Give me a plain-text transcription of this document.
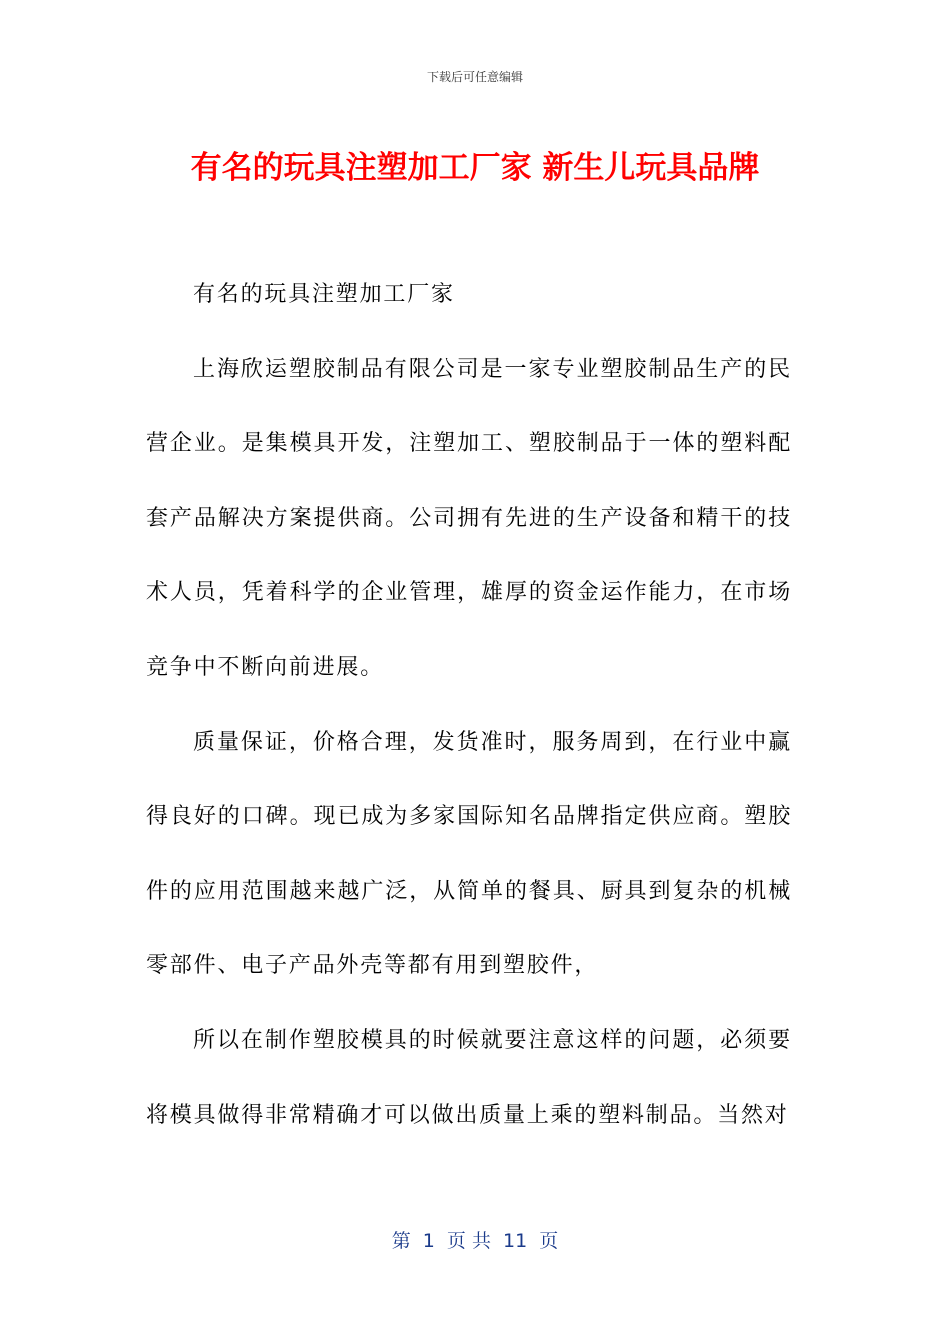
下载后可任意编辑
有名的玩具注塑加工厂家 新生儿玩具品牌

有名的玩具注塑加工厂家

上海欣运塑胶制品有限公司是一家专业塑胶制品生产的民营企业。是集模具开发，注塑加工、塑胶制品于一体的塑料配套产品解决方案提供商。公司拥有先进的生产设备和精干的技术人员，凭着科学的企业管理，雄厚的资金运作能力，在市场竞争中不断向前进展。

质量保证，价格合理，发货准时，服务周到，在行业中赢得良好的口碑。现已成为多家国际知名品牌指定供应商。塑胶件的应用范围越来越广泛，从简单的餐具、厨具到复杂的机械零部件、电子产品外壳等都有用到塑胶件，

所以在制作塑胶模具的时候就要注意这样的问题，必须要将模具做得非常精确才可以做出质量上乘的塑料制品。当然对

第  1  页 共  11  页
